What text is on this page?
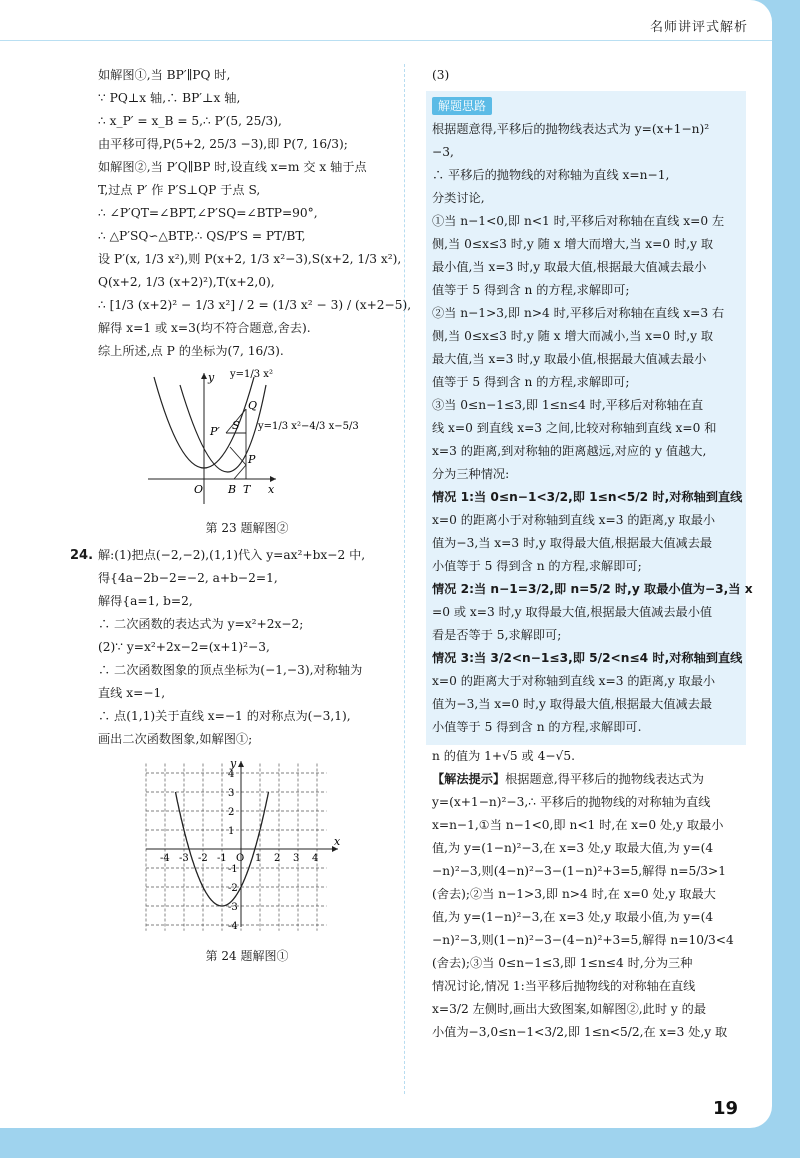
名师讲评式解析
如解图①,当 BP′∥PQ 时,
∵ PQ⊥x 轴,∴ BP′⊥x 轴,
∴ x_P′ = x_B = 5,∴ P′(5, 25/3),
由平移可得,P(5+2, 25/3 −3),即 P(7, 16/3);
如解图②,当 P′Q∥BP 时,设直线 x=m 交 x 轴于点
T,过点 P′ 作 P′S⊥QP 于点 S,
∴ ∠P′QT=∠BPT,∠P′SQ=∠BTP=90°,
∴ △P′SQ∽△BTP,∴ QS/P′S = PT/BT,
设 P′(x, 1/3 x²),则 P(x+2, 1/3 x²−3),S(x+2, 1/3 x²),
Q(x+2, 1/3 (x+2)²),T(x+2,0),
∴ [1/3 (x+2)² − 1/3 x²] / 2 = (1/3 x² − 3) / (x+2−5),
解得 x=1 或 x=3(均不符合题意,舍去).
综上所述,点 P 的坐标为(7, 16/3).
y=1/3 x²
y=1/3 x²−4/3 x−5/3
Q
P′ S
P
O B T x
y
第 23 题解图②
24. 解:(1)把点(−2,−2),(1,1)代入 y=ax²+bx−2 中,
得{4a−2b−2=−2, a+b−2=1,
解得{a=1, b=2,
∴ 二次函数的表达式为 y=x²+2x−2;
(2)∵ y=x²+2x−2=(x+1)²−3,
∴ 二次函数图象的顶点坐标为(−1,−3),对称轴为
直线 x=−1,
∴ 点(1,1)关于直线 x=−1 的对称点为(−3,1),
画出二次函数图象,如解图①;
-4 -3 -2 -1 O 1 2 3 4
4
3
2
1
-1
-2
-3
-4
x
y
第 24 题解图①
(3)
解题思路
根据题意得,平移后的抛物线表达式为 y=(x+1−n)²
−3,
∴ 平移后的抛物线的对称轴为直线 x=n−1,
分类讨论,
①当 n−1<0,即 n<1 时,平移后对称轴在直线 x=0 左
侧,当 0≤x≤3 时,y 随 x 增大而增大,当 x=0 时,y 取
最小值,当 x=3 时,y 取最大值,根据最大值减去最小
值等于 5 得到含 n 的方程,求解即可;
②当 n−1>3,即 n>4 时,平移后对称轴在直线 x=3 右
侧,当 0≤x≤3 时,y 随 x 增大而减小,当 x=0 时,y 取
最大值,当 x=3 时,y 取最小值,根据最大值减去最小
值等于 5 得到含 n 的方程,求解即可;
③当 0≤n−1≤3,即 1≤n≤4 时,平移后对称轴在直
线 x=0 到直线 x=3 之间,比较对称轴到直线 x=0 和
x=3 的距离,到对称轴的距离越远,对应的 y 值越大,
分为三种情况:
情况 1:当 0≤n−1<3/2,即 1≤n<5/2 时,对称轴到直线
x=0 的距离小于对称轴到直线 x=3 的距离,y 取最小
值为−3,当 x=3 时,y 取得最大值,根据最大值减去最
小值等于 5 得到含 n 的方程,求解即可;
情况 2:当 n−1=3/2,即 n=5/2 时,y 取最小值为−3,当 x
=0 或 x=3 时,y 取得最大值,根据最大值减去最小值
看是否等于 5,求解即可;
情况 3:当 3/2<n−1≤3,即 5/2<n≤4 时,对称轴到直线
x=0 的距离大于对称轴到直线 x=3 的距离,y 取最小
值为−3,当 x=0 时,y 取得最大值,根据最大值减去最
小值等于 5 得到含 n 的方程,求解即可.
n 的值为 1+√5 或 4−√5.
【解法提示】根据题意,得平移后的抛物线表达式为
y=(x+1−n)²−3,∴ 平移后的抛物线的对称轴为直线
x=n−1,①当 n−1<0,即 n<1 时,在 x=0 处,y 取最小
值,为 y=(1−n)²−3,在 x=3 处,y 取最大值,为 y=(4
−n)²−3,则(4−n)²−3−(1−n)²+3=5,解得 n=5/3>1
(舍去);②当 n−1>3,即 n>4 时,在 x=0 处,y 取最大
值,为 y=(1−n)²−3,在 x=3 处,y 取最小值,为 y=(4
−n)²−3,则(1−n)²−3−(4−n)²+3=5,解得 n=10/3<4
(舍去);③当 0≤n−1≤3,即 1≤n≤4 时,分为三种
情况讨论,情况 1:当平移后抛物线的对称轴在直线
x=3/2 左侧时,画出大致图案,如解图②,此时 y 的最
小值为−3,0≤n−1<3/2,即 1≤n<5/2,在 x=3 处,y 取
19
